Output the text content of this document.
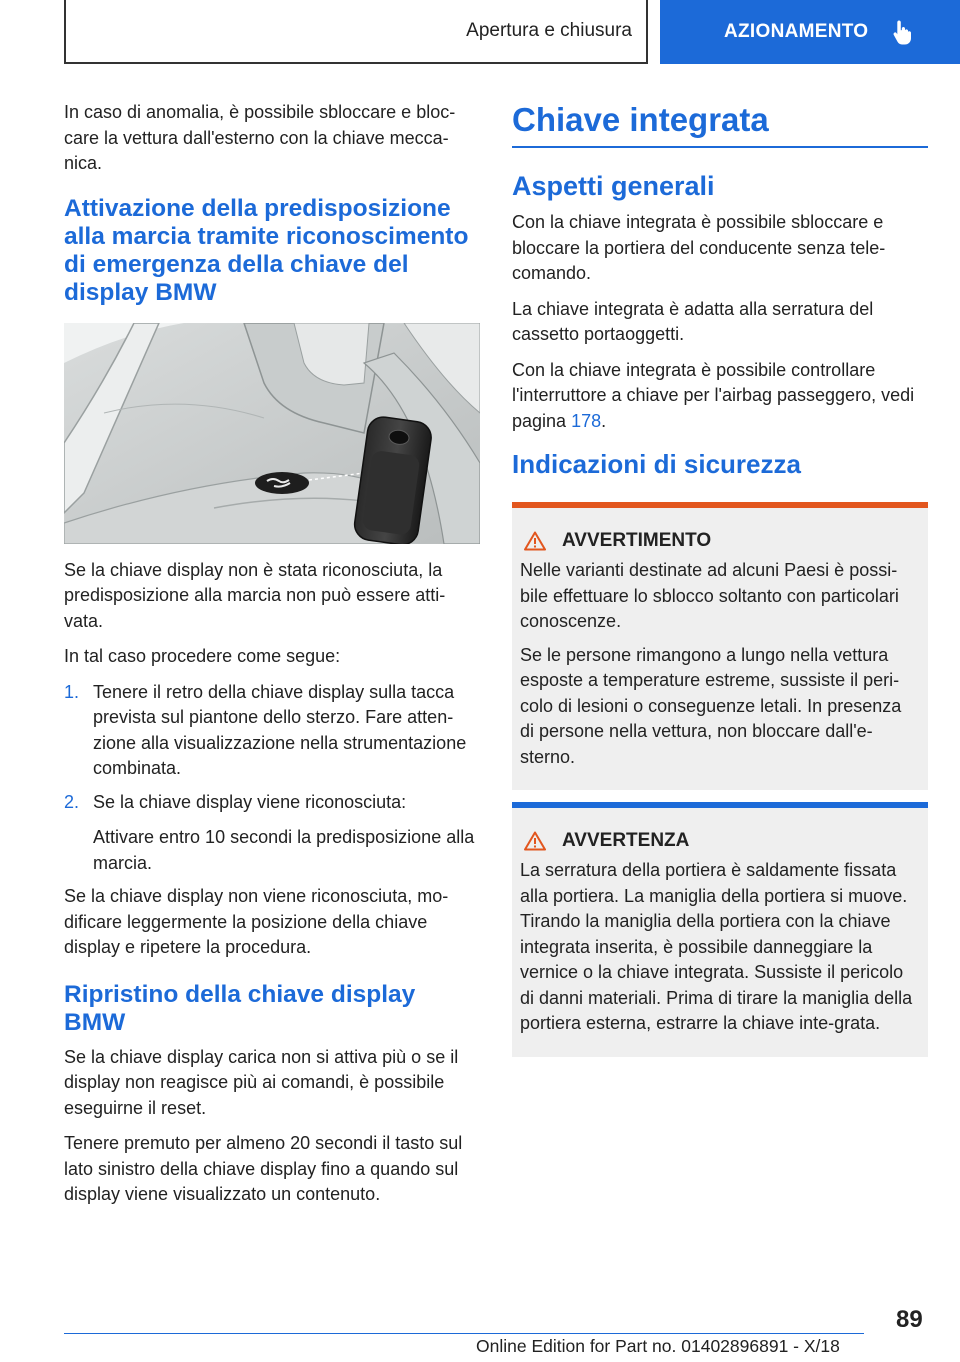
Apertura e chiusura	AZIONAMENTO

In caso di anomalia, è possibile sbloccare e bloc-care la vettura dall'esterno con la chiave mecca-nica.

Attivazione della predisposizione alla marcia tramite riconoscimento di emergenza della chiave del display BMW

Se la chiave display non è stata riconosciuta, la predisposizione alla marcia non può essere atti-vata.

In tal caso procedere come segue:

1. Tenere il retro della chiave display sulla tacca prevista sul piantone dello sterzo. Fare atten-zione alla visualizzazione nella strumentazione combinata.
2. Se la chiave display viene riconosciuta:
Attivare entro 10 secondi la predisposizione alla marcia.

Se la chiave display non viene riconosciuta, mo-dificare leggermente la posizione della chiave display e ripetere la procedura.

Ripristino della chiave display BMW

Se la chiave display carica non si attiva più o se il display non reagisce più ai comandi, è possibile eseguirne il reset.

Tenere premuto per almeno 20 secondi il tasto sul lato sinistro della chiave display fino a quando sul display viene visualizzato un contenuto.

Chiave integrata
Aspetti generali

Con la chiave integrata è possibile sbloccare e bloccare la portiera del conducente senza tele-comando.

La chiave integrata è adatta alla serratura del cassetto portaoggetti.

Con la chiave integrata è possibile controllare l'interruttore a chiave per l'airbag passeggero, vedi pagina 178.

Indicazioni di sicurezza
AVVERTIMENTO

Nelle varianti destinate ad alcuni Paesi è possi-bile effettuare lo sblocco soltanto con particolari conoscenze.

Se le persone rimangono a lungo nella vettura esposte a temperature estreme, sussiste il peri-colo di lesioni o conseguenze letali. In presenza di persone nella vettura, non bloccare dall'e-sterno.

AVVERTENZA

La serratura della portiera è saldamente fissata alla portiera. La maniglia della portiera si muove. Tirando la maniglia della portiera con la chiave integrata inserita, è possibile danneggiare la vernice o la chiave integrata. Sussiste il pericolo di danni materiali. Prima di tirare la maniglia della portiera esterna, estrarre la chiave inte-grata.

89
Online Edition for Part no. 01402896891 - X/18
